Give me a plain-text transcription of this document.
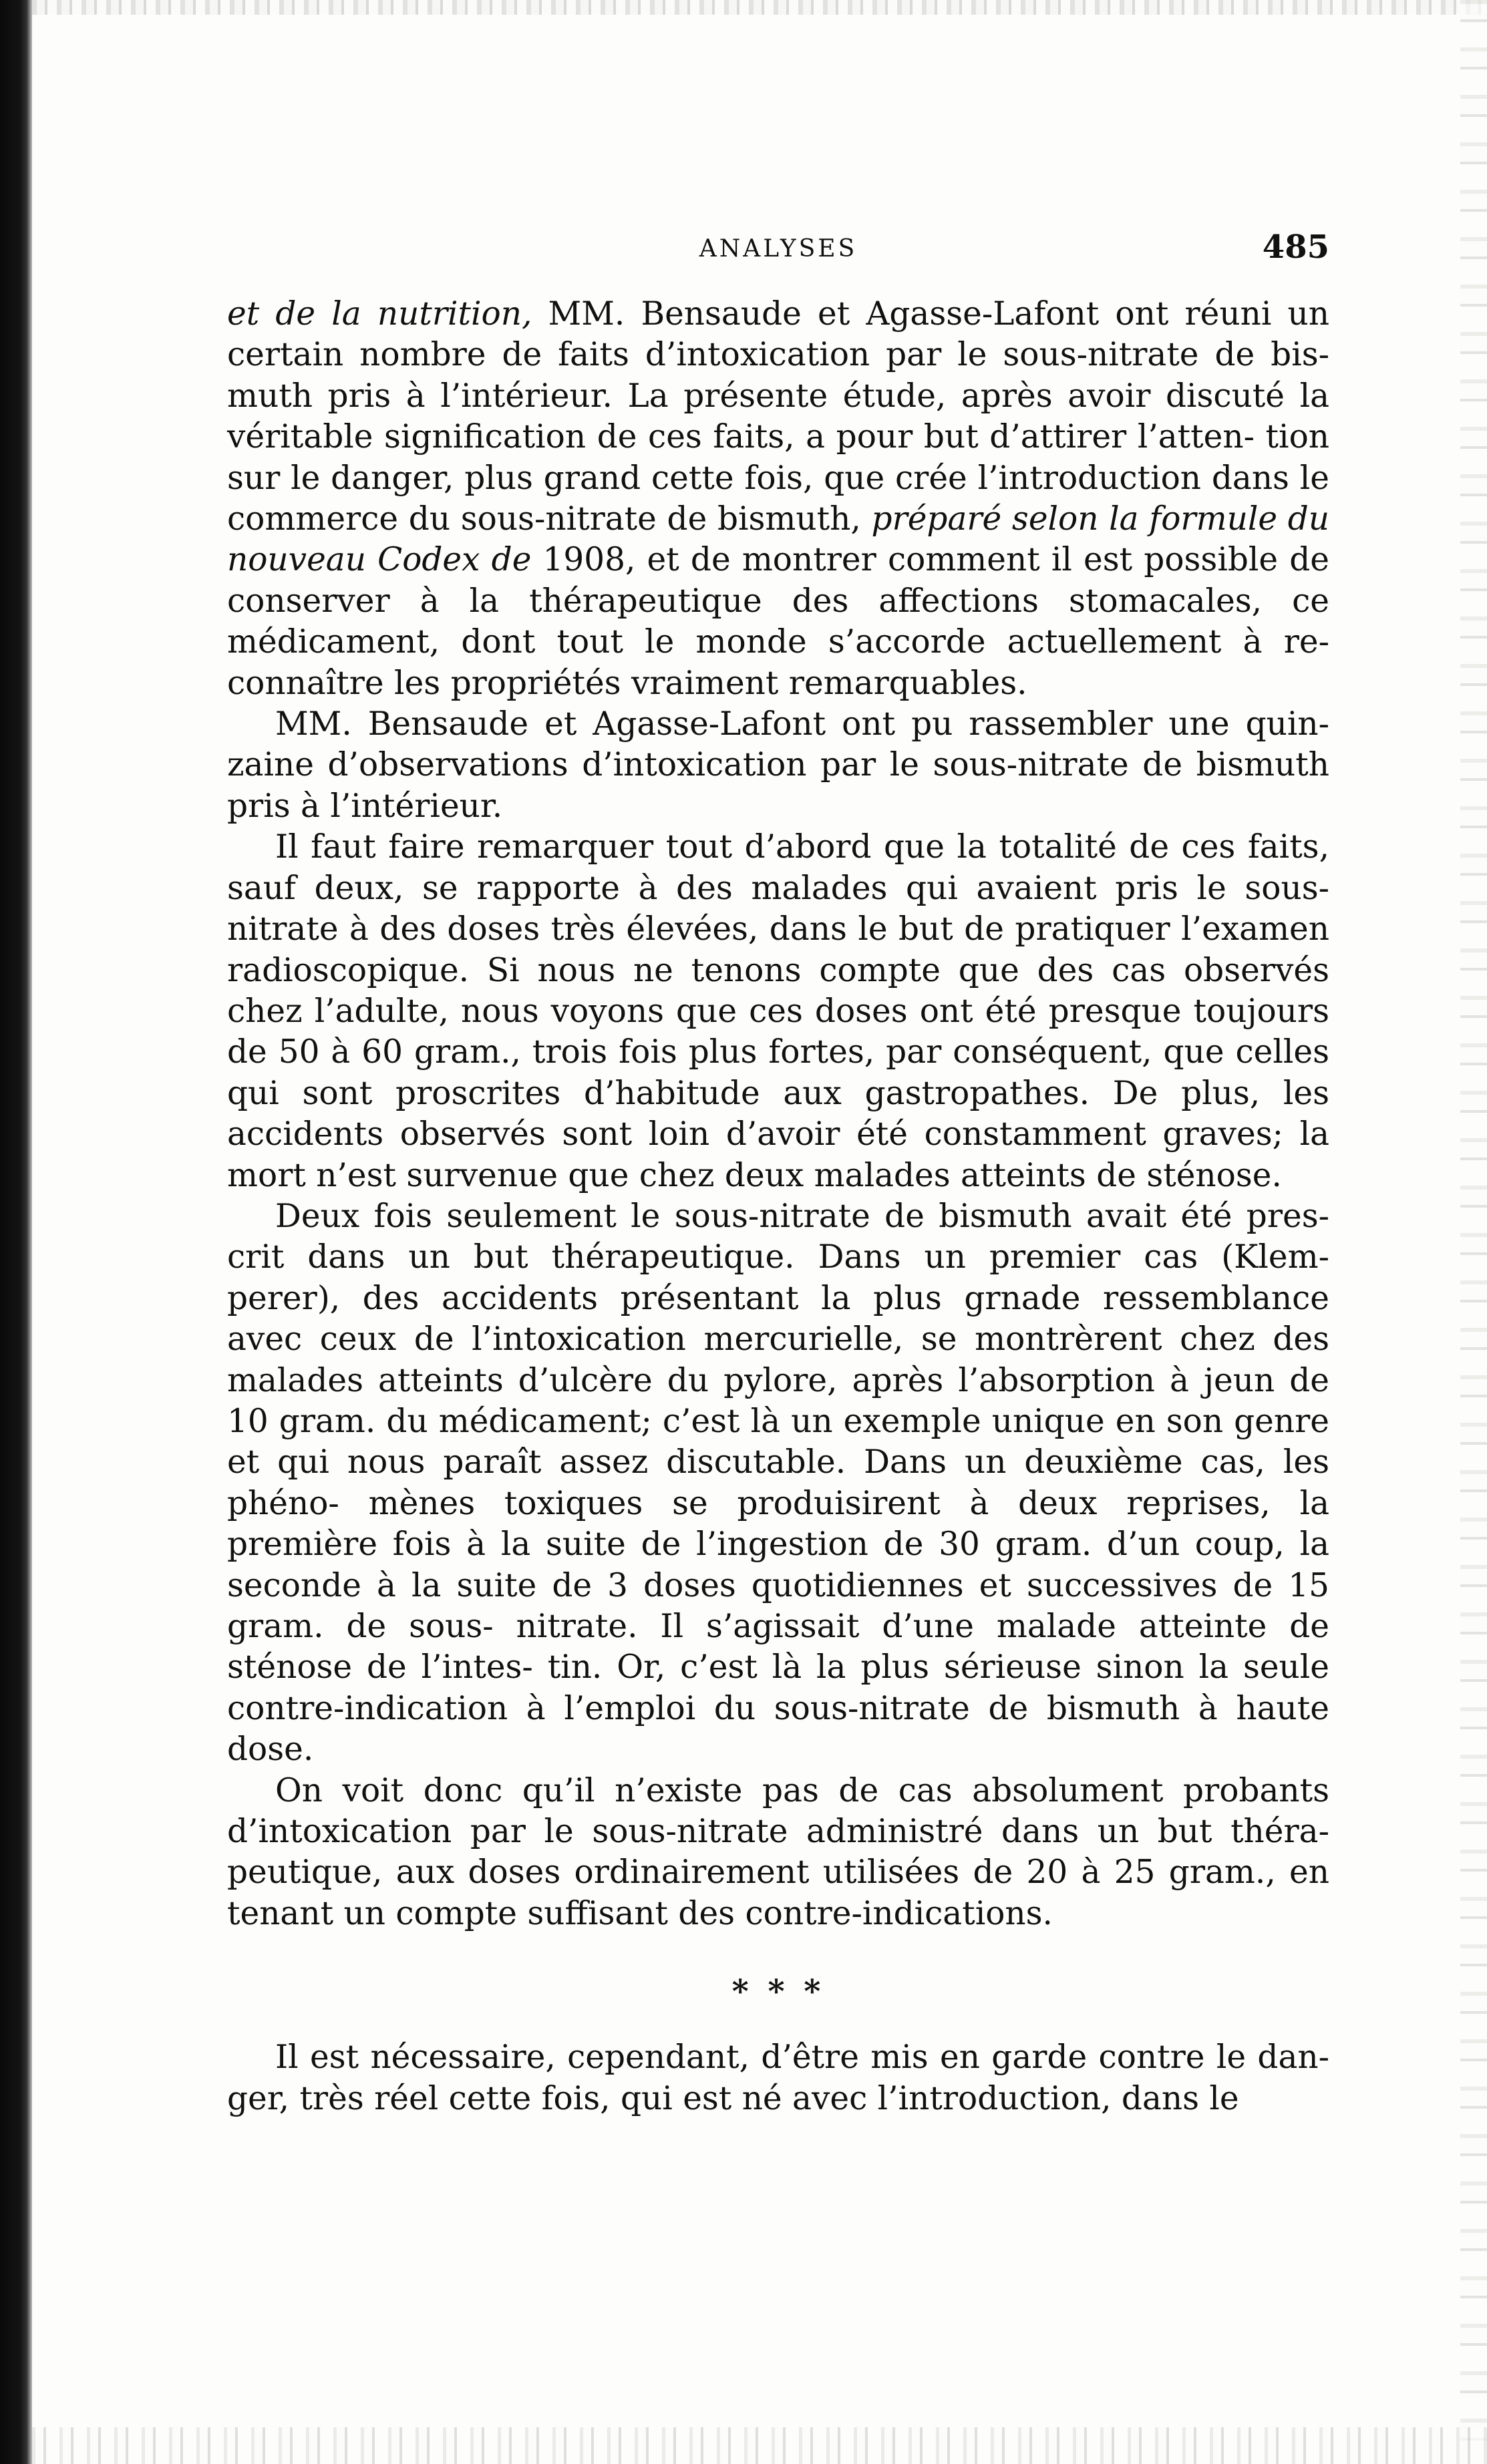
ANALYSES	485

et de la nutrition, MM. Bensaude et Agasse-Lafont ont réuni un certain nombre de faits d’intoxication par le sous-nitrate de bis- muth pris à l’intérieur. La présente étude, après avoir discuté la véritable signification de ces faits, a pour but d’attirer l’atten- tion sur le danger, plus grand cette fois, que crée l’introduction dans le commerce du sous-nitrate de bismuth, préparé selon la formule du nouveau Codex de 1908, et de montrer comment il est possible de conserver à la thérapeutique des affections stomacales, ce médicament, dont tout le monde s’accorde actuellement à re- connaître les propriétés vraiment remarquables.

MM. Bensaude et Agasse-Lafont ont pu rassembler une quin- zaine d’observations d’intoxication par le sous-nitrate de bismuth pris à l’intérieur.

Il faut faire remarquer tout d’abord que la totalité de ces faits, sauf deux, se rapporte à des malades qui avaient pris le sous- nitrate à des doses très élevées, dans le but de pratiquer l’examen radioscopique. Si nous ne tenons compte que des cas observés chez l’adulte, nous voyons que ces doses ont été presque toujours de 50 à 60 gram., trois fois plus fortes, par conséquent, que celles qui sont proscrites d’habitude aux gastropathes. De plus, les accidents observés sont loin d’avoir été constamment graves; la mort n’est survenue que chez deux malades atteints de sténose.

Deux fois seulement le sous-nitrate de bismuth avait été pres- crit dans un but thérapeutique. Dans un premier cas (Klem- perer), des accidents présentant la plus grnade ressemblance avec ceux de l’intoxication mercurielle, se montrèrent chez des malades atteints d’ulcère du pylore, après l’absorption à jeun de 10 gram. du médicament; c’est là un exemple unique en son genre et qui nous paraît assez discutable. Dans un deuxième cas, les phéno- mènes toxiques se produisirent à deux reprises, la première fois à la suite de l’ingestion de 30 gram. d’un coup, la seconde à la suite de 3 doses quotidiennes et successives de 15 gram. de sous- nitrate. Il s’agissait d’une malade atteinte de sténose de l’intes- tin. Or, c’est là la plus sérieuse sinon la seule contre-indication à l’emploi du sous-nitrate de bismuth à haute dose.

On voit donc qu’il n’existe pas de cas absolument probants d’intoxication par le sous-nitrate administré dans un but théra- peutique, aux doses ordinairement utilisées de 20 à 25 gram., en tenant un compte suffisant des contre-indications.

* * *

Il est nécessaire, cependant, d’être mis en garde contre le dan- ger, très réel cette fois, qui est né avec l’introduction, dans le
